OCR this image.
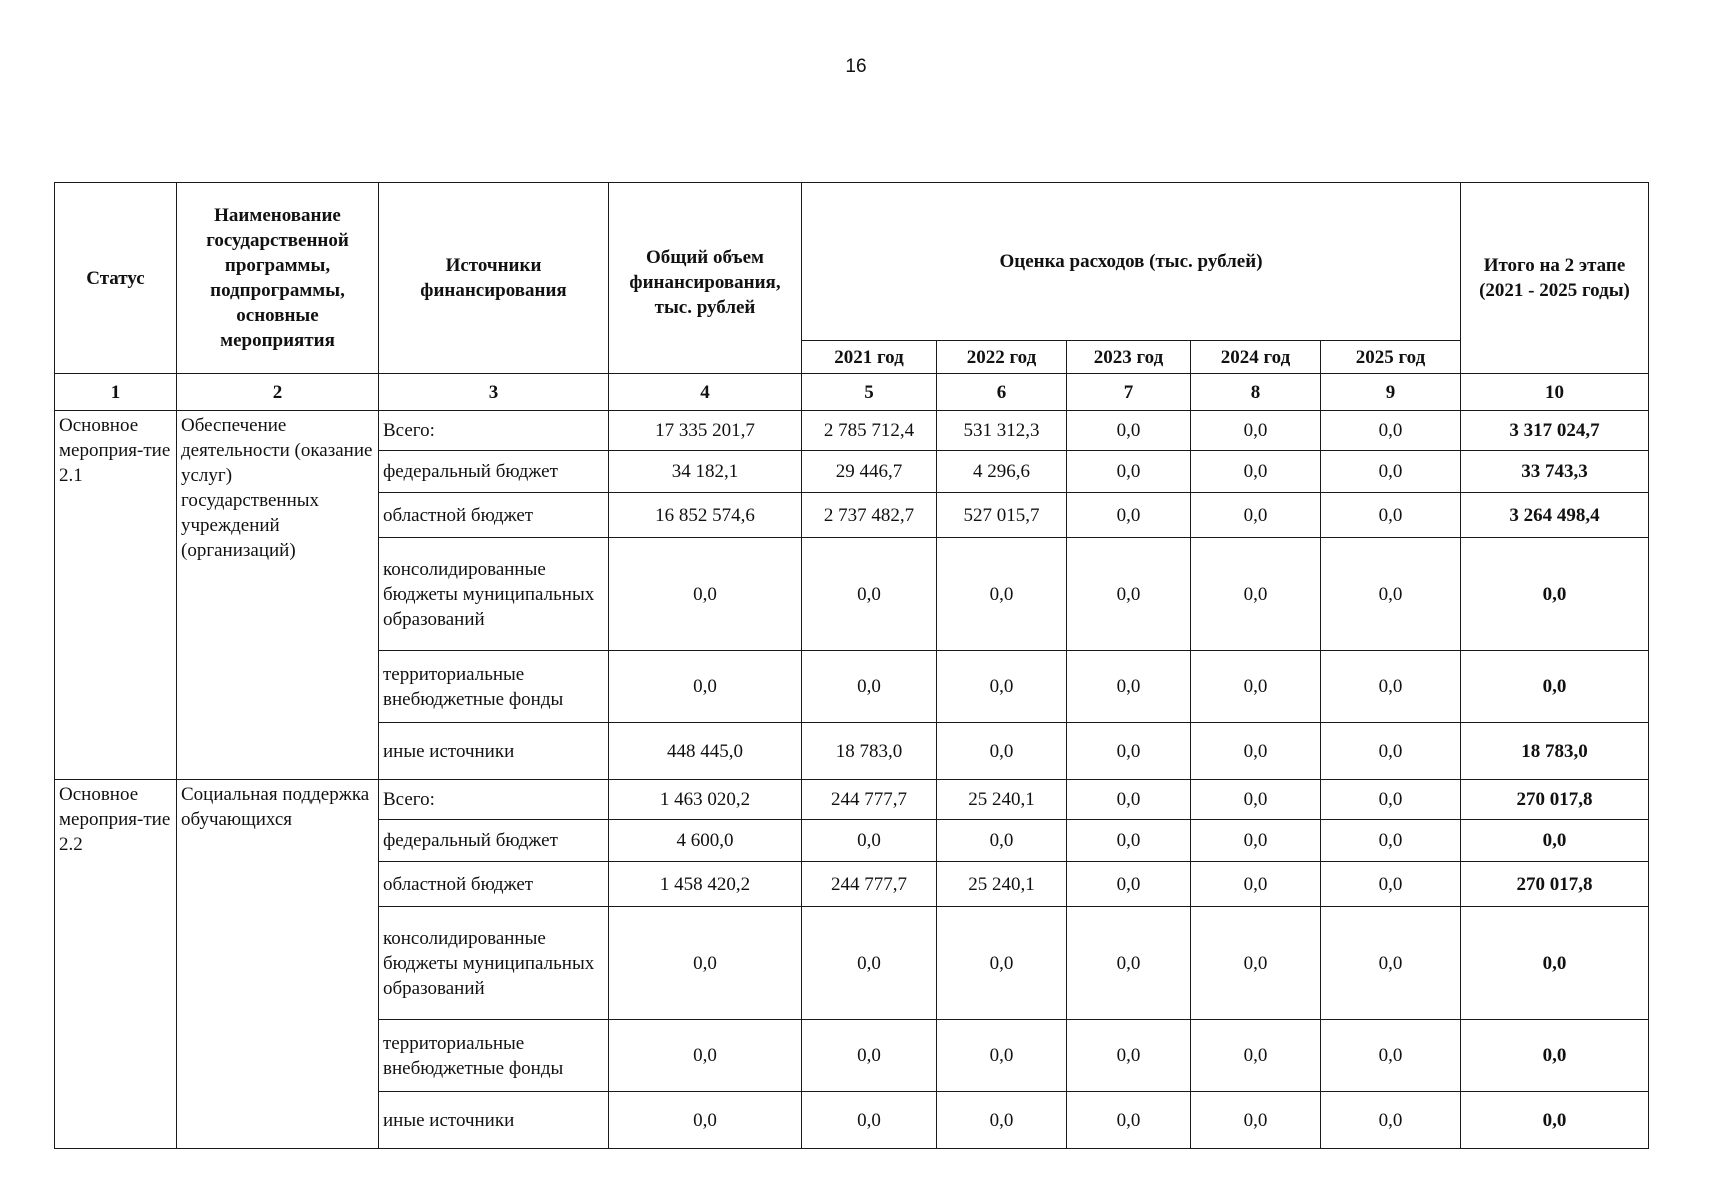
16
Статус	Наименование государственной программы, подпрограммы, основные мероприятия	Источники финансирования	Общий объем финансирования, тыс. рублей	Оценка расходов (тыс. рублей)					Итого на 2 этапе (2021 - 2025 годы)
				2021 год	2022 год	2023 год	2024 год	2025 год	
1	2	3	4	5	6	7	8	9	10
Основное мероприя-тие 2.1	Обеспечение деятельности (оказание услуг) государственных учреждений (организаций)	Всего:	17 335 201,7	2 785 712,4	531 312,3	0,0	0,0	0,0	3 317 024,7
		федеральный бюджет	34 182,1	29 446,7	4 296,6	0,0	0,0	0,0	33 743,3
		областной бюджет	16 852 574,6	2 737 482,7	527 015,7	0,0	0,0	0,0	3 264 498,4
		консолидированные бюджеты муниципальных образований	0,0	0,0	0,0	0,0	0,0	0,0	0,0
		территориальные внебюджетные фонды	0,0	0,0	0,0	0,0	0,0	0,0	0,0
		иные источники	448 445,0	18 783,0	0,0	0,0	0,0	0,0	18 783,0
Основное мероприя-тие 2.2	Социальная поддержка обучающихся	Всего:	1 463 020,2	244 777,7	25 240,1	0,0	0,0	0,0	270 017,8
		федеральный бюджет	4 600,0	0,0	0,0	0,0	0,0	0,0	0,0
		областной бюджет	1 458 420,2	244 777,7	25 240,1	0,0	0,0	0,0	270 017,8
		консолидированные бюджеты муниципальных образований	0,0	0,0	0,0	0,0	0,0	0,0	0,0
		территориальные внебюджетные фонды	0,0	0,0	0,0	0,0	0,0	0,0	0,0
		иные источники	0,0	0,0	0,0	0,0	0,0	0,0	0,0
